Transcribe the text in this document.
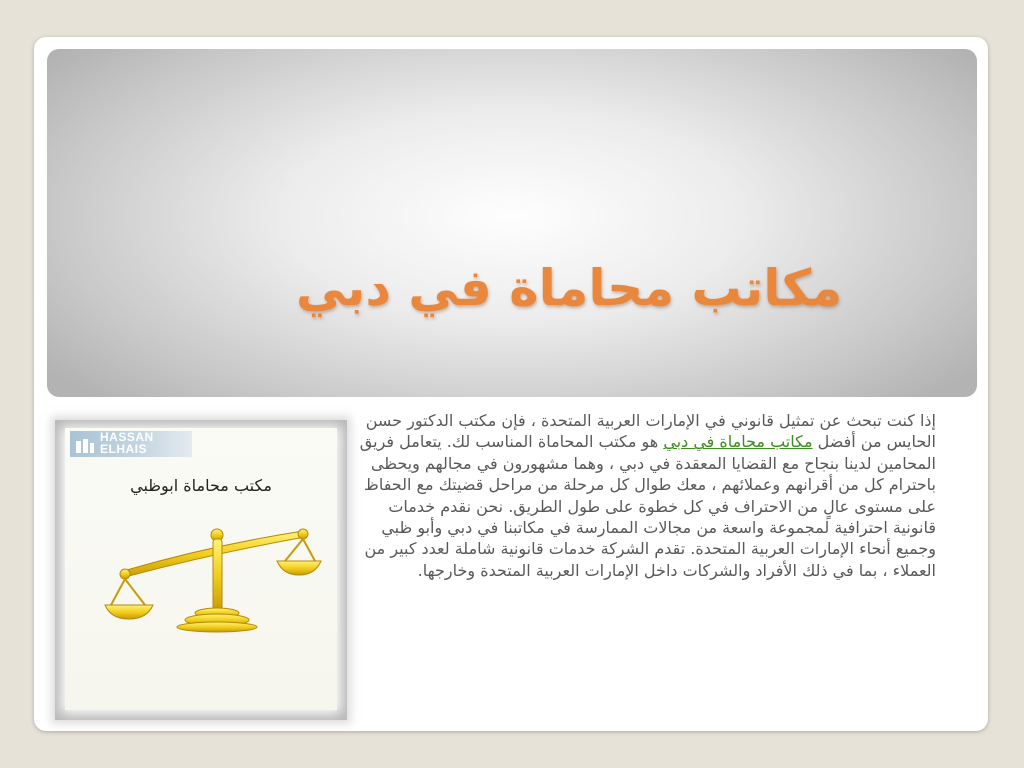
مكاتب محاماة في دبي
HASSAN ELHAIS
مكتب محاماة ابوظبي
إذا كنت تبحث عن تمثيل قانوني في الإمارات العربية المتحدة ، فإن مكتب الدكتور حسن الحايس من أفضل مكاتب محاماة في دبي هو مكتب المحاماة المناسب لك. يتعامل فريق المحامين لدينا بنجاح مع القضايا المعقدة في دبي ، وهما مشهورون في مجالهم ويحظى باحترام كل من أقرانهم وعملائهم ، معك طوال كل مرحلة من مراحل قضيتك مع الحفاظ على مستوى عالٍ من الاحتراف في كل خطوة على طول الطريق. نحن نقدم خدمات قانونية احترافية لمجموعة واسعة من مجالات الممارسة في مكاتبنا في دبي وأبو ظبي وجميع أنحاء الإمارات العربية المتحدة. تقدم الشركة خدمات قانونية شاملة لعدد كبير من العملاء ، بما في ذلك الأفراد والشركات داخل الإمارات العربية المتحدة وخارجها.
